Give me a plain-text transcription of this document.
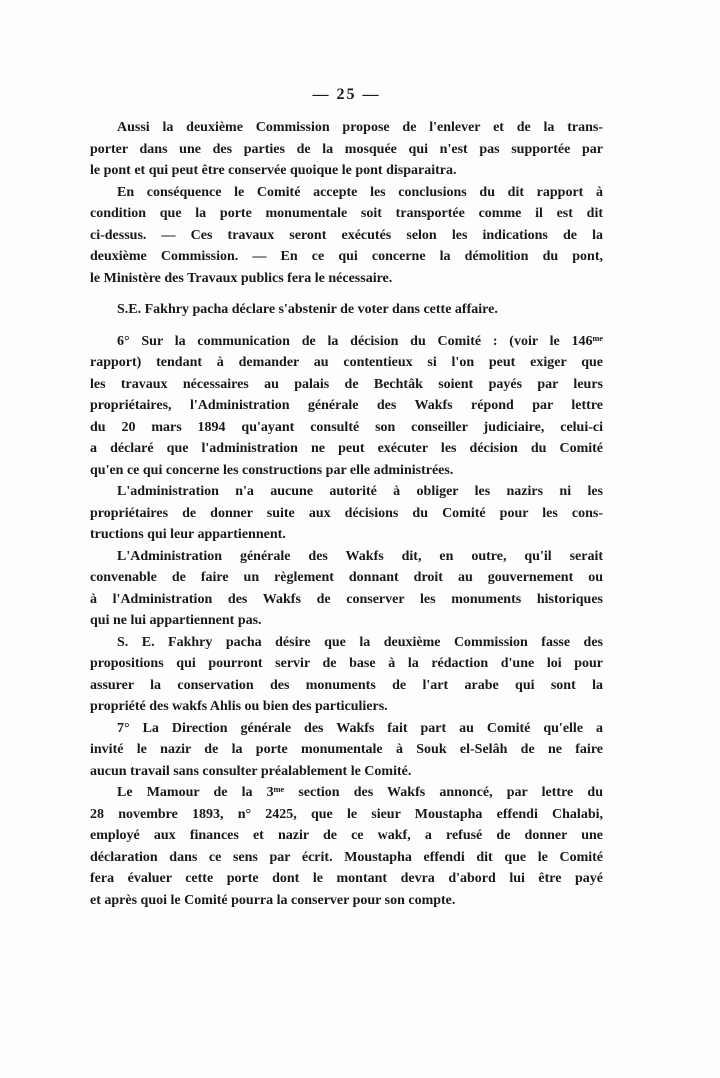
— 25 —

Aussi la deuxième Commission propose de l'enlever et de la trans-
porter dans une des parties de la mosquée qui n'est pas supportée par
le pont et qui peut être conservée quoique le pont disparaitra.

En conséquence le Comité accepte les conclusions du dit rapport à
condition que la porte monumentale soit transportée comme il est dit
ci-dessus. — Ces travaux seront exécutés selon les indications de la
deuxième Commission. — En ce qui concerne la démolition du pont,
le Ministère des Travaux publics fera le nécessaire.

S.E. Fakhry pacha déclare s'abstenir de voter dans cette affaire.

6° Sur la communication de la décision du Comité : (voir le 146ᵐᵉ
rapport) tendant à demander au contentieux si l'on peut exiger que
les travaux nécessaires au palais de Bechtâk soient payés par leurs
propriétaires, l'Administration générale des Wakfs répond par lettre
du 20 mars 1894 qu'ayant consulté son conseiller judiciaire, celui-ci
a déclaré que l'administration ne peut exécuter les décision du Comité
qu'en ce qui concerne les constructions par elle administrées.

L'administration n'a aucune autorité à obliger les nazirs ni les
propriétaires de donner suite aux décisions du Comité pour les cons-
tructions qui leur appartiennent.

L'Administration générale des Wakfs dit, en outre, qu'il serait
convenable de faire un règlement donnant droit au gouvernement ou
à l'Administration des Wakfs de conserver les monuments historiques
qui ne lui appartiennent pas.

S. E. Fakhry pacha désire que la deuxième Commission fasse des
propositions qui pourront servir de base à la rédaction d'une loi pour
assurer la conservation des monuments de l'art arabe qui sont la
propriété des wakfs Ahlis ou bien des particuliers.

7° La Direction générale des Wakfs fait part au Comité qu'elle a
invité le nazir de la porte monumentale à Souk el-Selâh de ne faire
aucun travail sans consulter préalablement le Comité.

Le Mamour de la 3ᵐᵉ section des Wakfs annoncé, par lettre du
28 novembre 1893, n° 2425, que le sieur Moustapha effendi Chalabi,
employé aux finances et nazir de ce wakf, a refusé de donner une
déclaration dans ce sens par écrit. Moustapha effendi dit que le Comité
fera évaluer cette porte dont le montant devra d'abord lui être payé
et après quoi le Comité pourra la conserver pour son compte.
